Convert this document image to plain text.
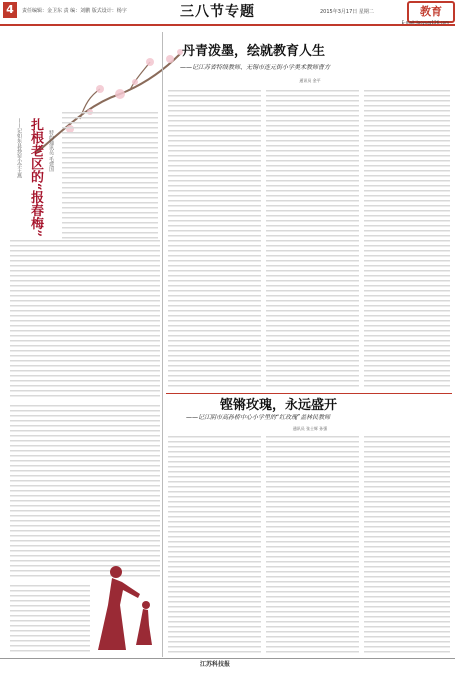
4	责任编辑：金卫东 责 编：刘鹏 版式设计：杨宇	三八节专题	2015年3月17日 星期二	教育
E-mail:jiaoyu@126.com
扎根老区的“报春梅”
——记如东县孙窑小学王燕	特约通讯员 毛建国
丹青泼墨，绘就教育人生
——记江苏省特级教师、无锡市连元街小学美术教师曹方
通讯员 金平
铿锵玫瑰，永远盛开
——记江阴市高孙桥中心小学里的“红玫瑰”盖林民教师
通讯员 张士辉 孙强
江苏科技报
